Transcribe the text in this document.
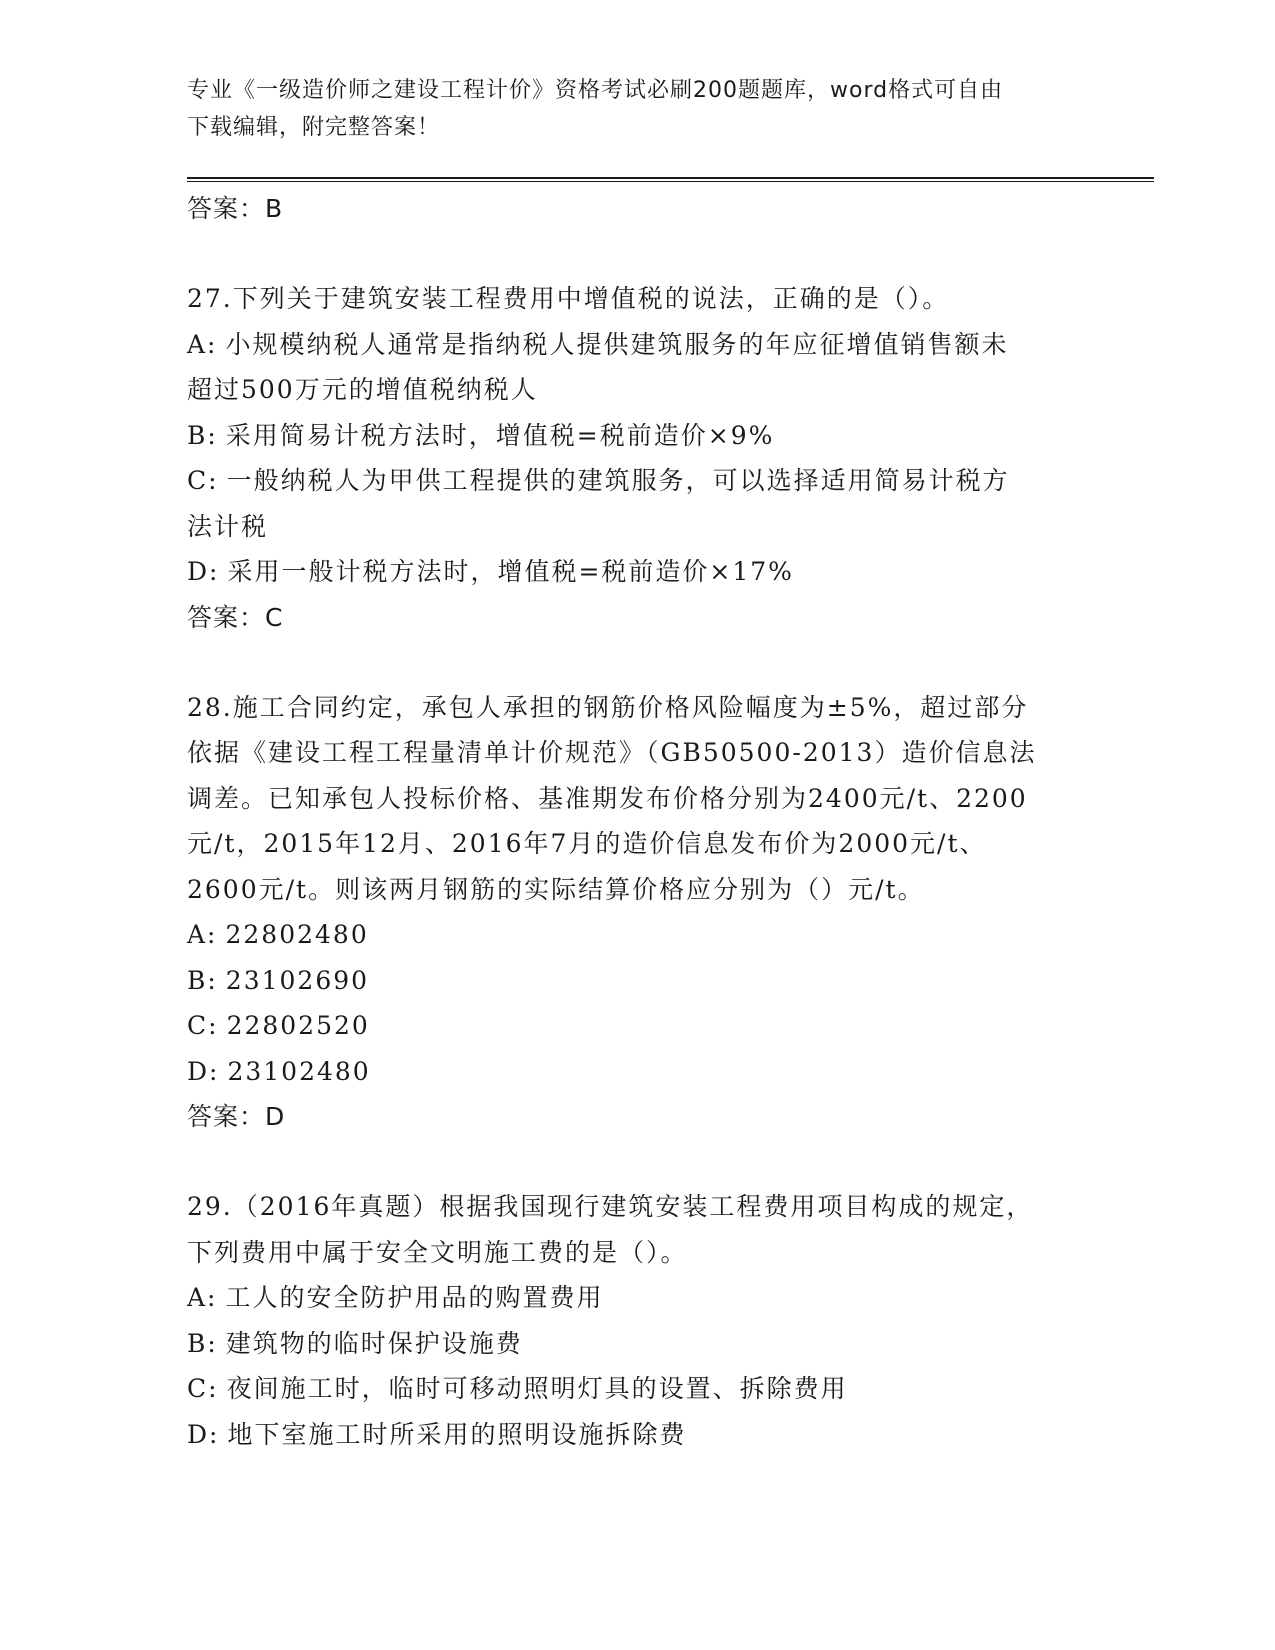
专业《一级造价师之建设工程计价》资格考试必刷200题题库，word格式可自由
下载编辑，附完整答案！
答案：B
27.下列关于建筑安装工程费用中增值税的说法，正确的是（）。
A: 小规模纳税人通常是指纳税人提供建筑服务的年应征增值销售额未
超过500万元的增值税纳税人
B: 采用简易计税方法时，增值税=税前造价×9%
C: 一般纳税人为甲供工程提供的建筑服务，可以选择适用简易计税方
法计税
D: 采用一般计税方法时，增值税=税前造价×17%
答案：C
28.施工合同约定，承包人承担的钢筋价格风险幅度为±5%，超过部分
依据《建设工程工程量清单计价规范》（GB50500-2013）造价信息法
调差。已知承包人投标价格、基准期发布价格分别为2400元/t、2200
元/t，2015年12月、2016年7月的造价信息发布价为2000元/t、
2600元/t。则该两月钢筋的实际结算价格应分别为（）元/t。
A: 22802480
B: 23102690
C: 22802520
D: 23102480
答案：D
29.（2016年真题）根据我国现行建筑安装工程费用项目构成的规定，
下列费用中属于安全文明施工费的是（）。
A: 工人的安全防护用品的购置费用
B: 建筑物的临时保护设施费
C: 夜间施工时，临时可移动照明灯具的设置、拆除费用
D: 地下室施工时所采用的照明设施拆除费
